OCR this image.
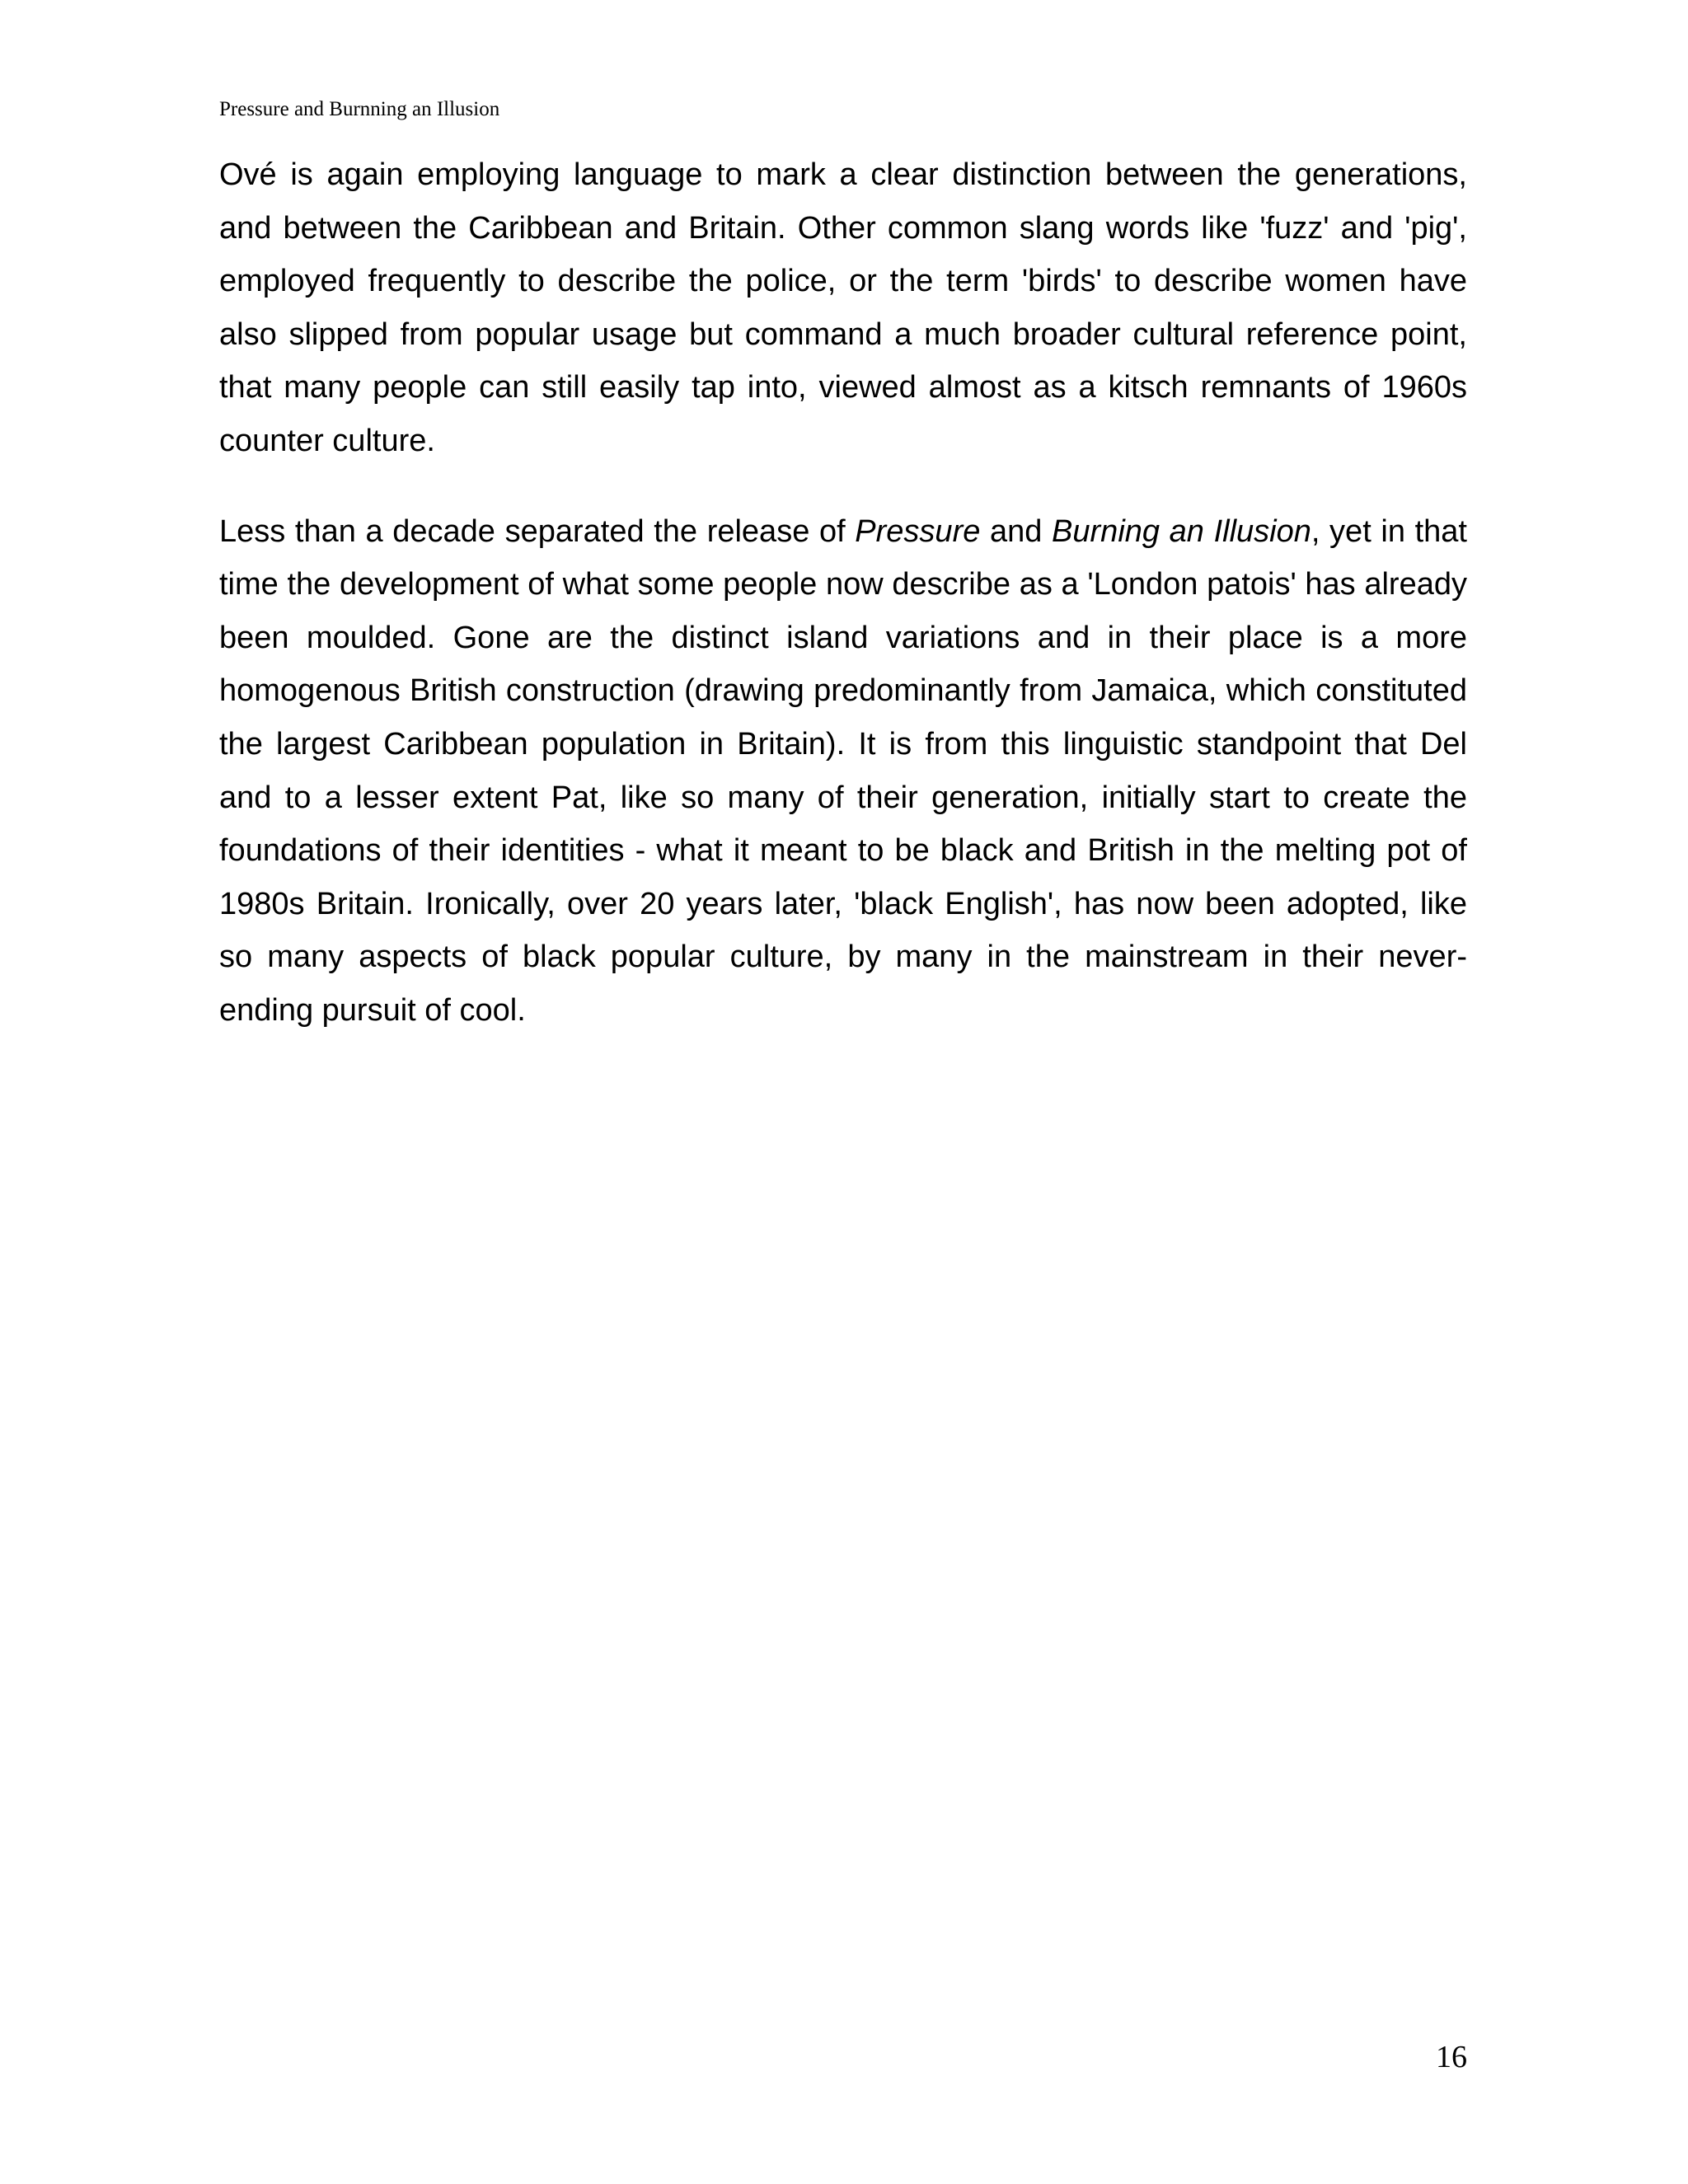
Pressure and Burnning an Illusion

Ové is again employing language to mark a clear distinction between the generations, and between the Caribbean and Britain. Other common slang words like 'fuzz' and 'pig', employed frequently to describe the police, or the term 'birds' to describe women have also slipped from popular usage but command a much broader cultural reference point, that many people can still easily tap into, viewed almost as a kitsch remnants of 1960s counter culture.

Less than a decade separated the release of Pressure and Burning an Illusion, yet in that time the development of what some people now describe as a 'London patois' has already been moulded. Gone are the distinct island variations and in their place is a more homogenous British construction (drawing predominantly from Jamaica, which constituted the largest Caribbean population in Britain). It is from this linguistic standpoint that Del and to a lesser extent Pat, like so many of their generation, initially start to create the foundations of their identities - what it meant to be black and British in the melting pot of 1980s Britain. Ironically, over 20 years later, 'black English', has now been adopted, like so many aspects of black popular culture, by many in the mainstream in their never-ending pursuit of cool.

16
